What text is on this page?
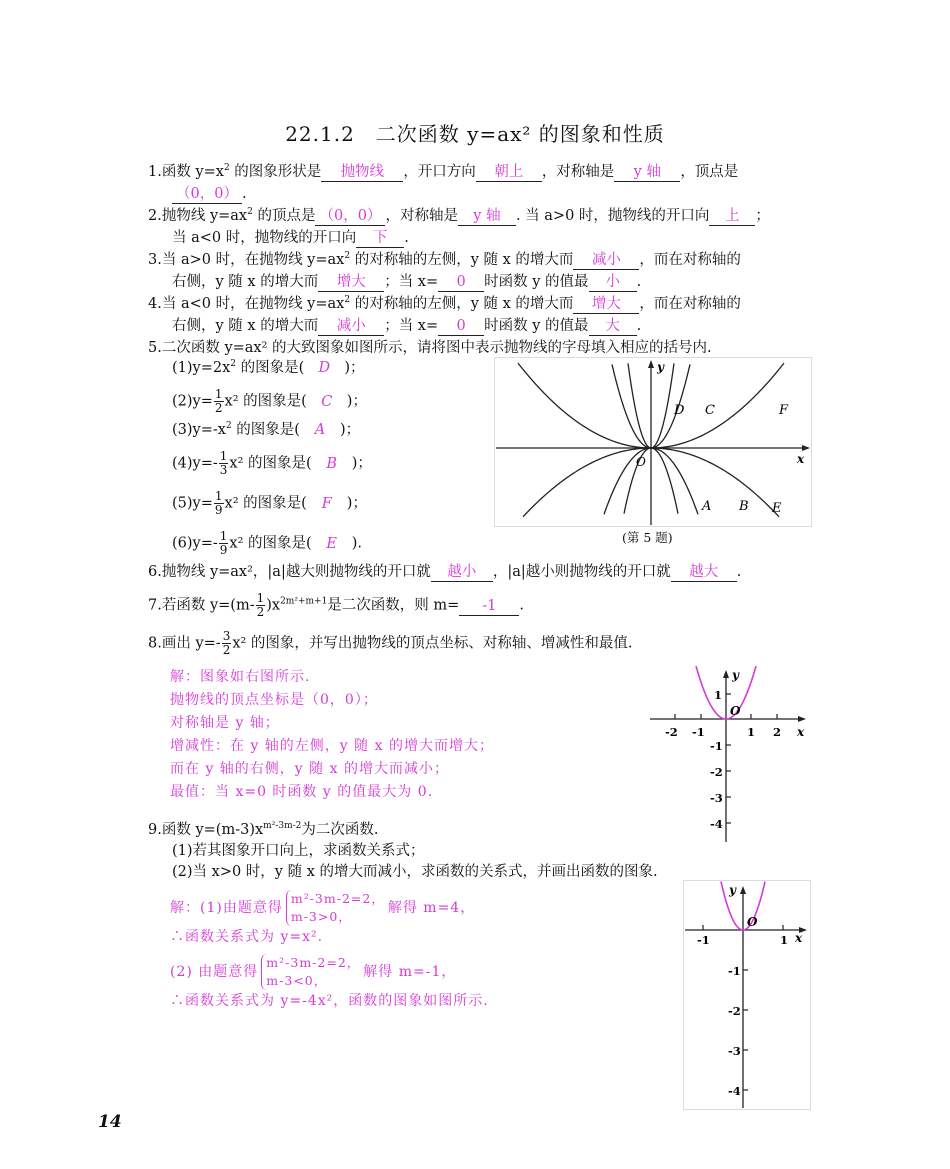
22.1.2　二次函数 y=ax² 的图象和性质
1.函数 $y=x^2$ 的图象形状是 抛物线 ，开口方向 朝上 ，对称轴是 y 轴 ，顶点是
（0，0） .
2.抛物线 $y=ax^2$ 的顶点是 （0，0） ，对称轴是 y 轴 . 当 a>0 时，抛物线的开口向 上 ；
当 a<0 时，抛物线的开口向 下 .
3.当 a>0 时，在抛物线 $y=ax^2$ 的对称轴的左侧，y 随 x 的增大而 减小 ，而在对称轴的
右侧，y 随 x 的增大而 增大 ；当 x= 0 时函数 y 的值最 小 .
4.当 a<0 时，在抛物线 $y=ax^2$ 的对称轴的左侧，y 随 x 的增大而 增大 ，而在对称轴的
右侧，y 随 x 的增大而 减小 ；当 x= 0 时函数 y 的值最 大 .
5.二次函数 y=ax² 的大致图象如图所示，请将图中表示抛物线的字母填入相应的括号内.
$(1)y=2x^2$ 的图象是( D )；
$(2)y= \frac{1}{2} x^2$ 的图象是( C )；
$(3)y=-x^2$ 的图象是( A )；
$(4)y=- \frac{1}{3} x^2$ 的图象是( B )；
$(5)y= \frac{1}{9} x^2$ 的图象是( F )；
$(6)y=- \frac{1}{9} x^2$ 的图象是( E ).
y
x
O
D C	F
A B E
(第 5 题)
6.抛物线 y=ax²，|a|越大则抛物线的开口就 越小 ，|a|越小则抛物线的开口就 越大 .
7.若函数 $y=(m- \frac{1}{2} )x^{2m^2+m+1}$是二次函数，则 m= -1 .
8.画出 $y=- \frac{3}{2} x^2$ 的图象，并写出抛物线的顶点坐标、对称轴、增减性和最值.
解：图象如右图所示.
抛物线的顶点坐标是（0，0）；
对称轴是 y 轴；
增减性：在 y 轴的左侧，y 随 x 的增大而增大；
而在 y 轴的右侧，y 随 x 的增大而减小；
最值：当 x=0 时函数 y 的值最大为 0.
-2 -1	1 2
1
-1
-2
-3
-4
y
x
O
9.函数 $y=(m-3)x^{m^2-3m-2}$为二次函数.
(1)若其图象开口向上，求函数关系式；
(2)当 x>0 时，y 随 x 的增大而减小，求函数的关系式，并画出函数的图象.
解：(1)由题意得
m²-3m-2=2，
m-3>0，
解得 m=4，
∴函数关系式为 y=x².
(2) 由题意得
m²-3m-2=2，
m-3<0，
解得 m=-1，
∴函数关系式为 y=-4x²，函数的图象如图所示.
-1	1
-1
-2
-3
-4
y
x
O
14
